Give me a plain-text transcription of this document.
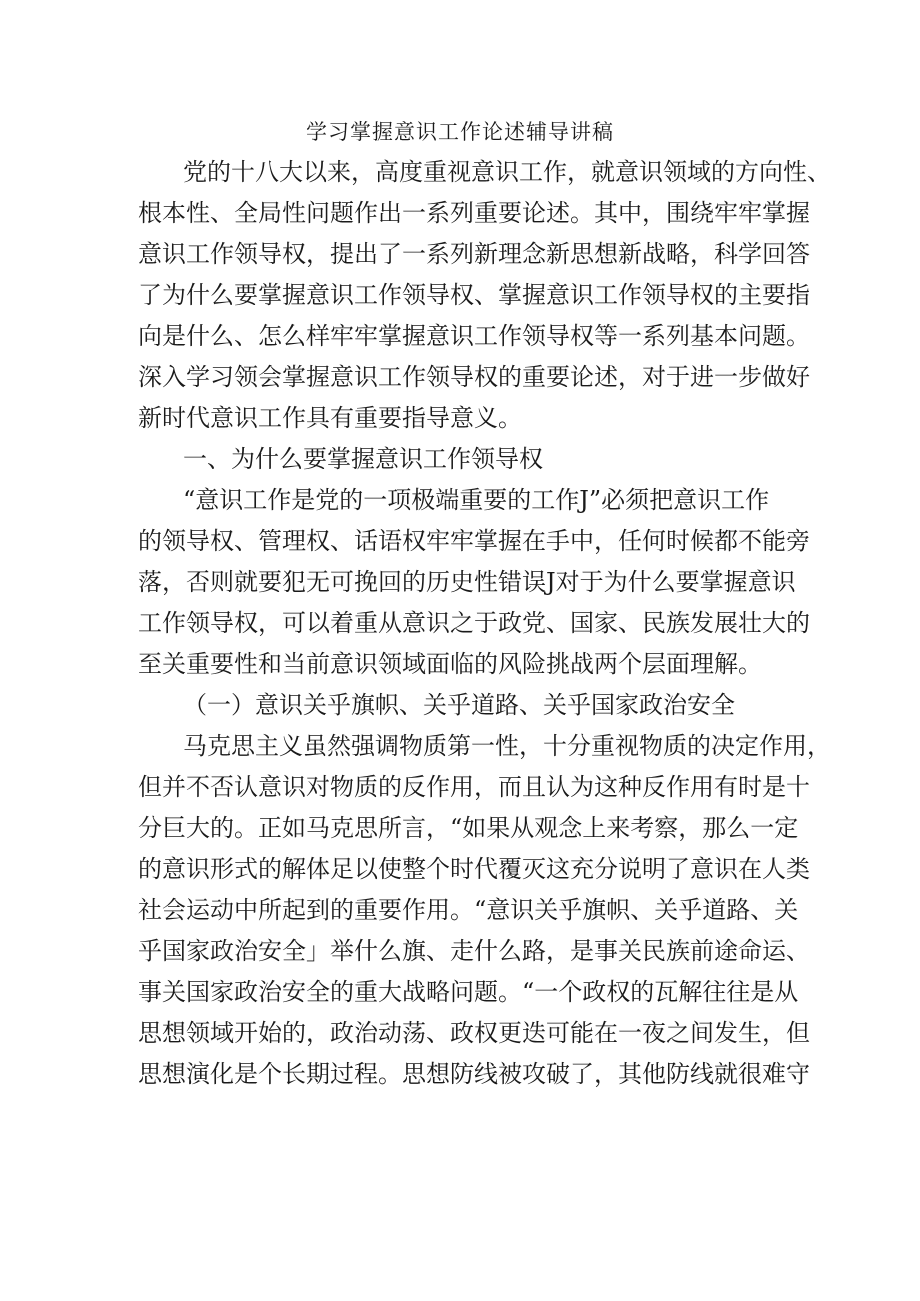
学习掌握意识工作论述辅导讲稿
党的十八大以来，高度重视意识工作，就意识领域的方向性、
根本性、全局性问题作出一系列重要论述。其中，围绕牢牢掌握
意识工作领导权，提出了一系列新理念新思想新战略，科学回答
了为什么要掌握意识工作领导权、掌握意识工作领导权的主要指
向是什么、怎么样牢牢掌握意识工作领导权等一系列基本问题。
深入学习领会掌握意识工作领导权的重要论述，对于进一步做好
新时代意识工作具有重要指导意义。
一、为什么要掌握意识工作领导权
“意识工作是党的一项极端重要的工作J”必须把意识工作
的领导权、管理权、话语权牢牢掌握在手中，任何时候都不能旁
落，否则就要犯无可挽回的历史性错误J对于为什么要掌握意识
工作领导权，可以着重从意识之于政党、国家、民族发展壮大的
至关重要性和当前意识领域面临的风险挑战两个层面理解。
（一）意识关乎旗帜、关乎道路、关乎国家政治安全
马克思主义虽然强调物质第一性，十分重视物质的决定作用，
但并不否认意识对物质的反作用，而且认为这种反作用有时是十
分巨大的。正如马克思所言，“如果从观念上来考察，那么一定
的意识形式的解体足以使整个时代覆灭这充分说明了意识在人类
社会运动中所起到的重要作用。“意识关乎旗帜、关乎道路、关
乎国家政治安全」举什么旗、走什么路，是事关民族前途命运、
事关国家政治安全的重大战略问题。“一个政权的瓦解往往是从
思想领域开始的，政治动荡、政权更迭可能在一夜之间发生，但
思想演化是个长期过程。思想防线被攻破了，其他防线就很难守
